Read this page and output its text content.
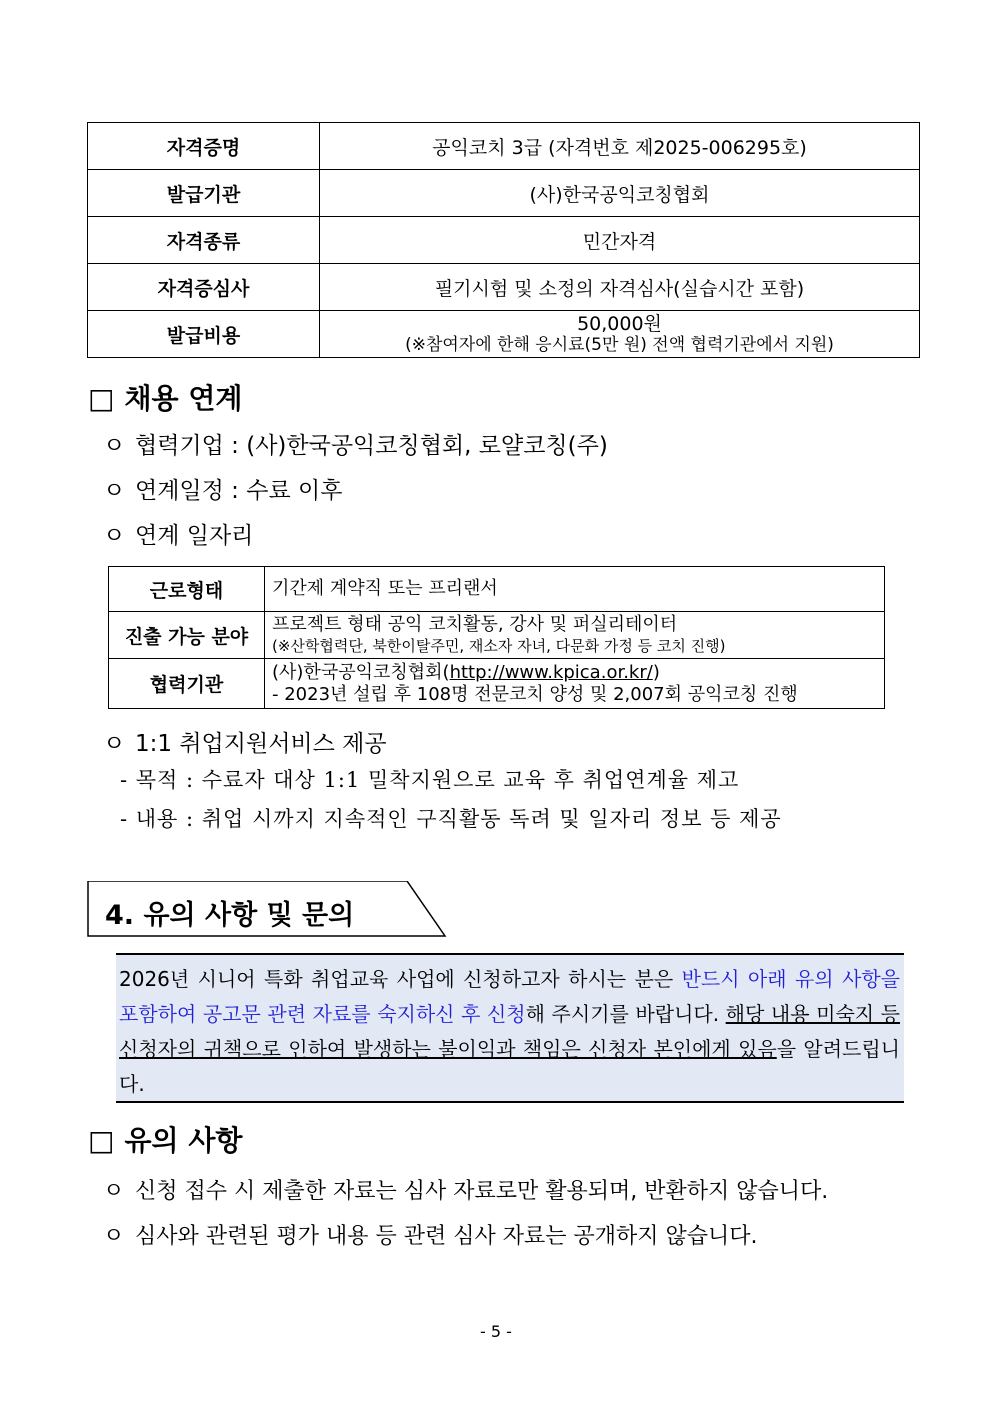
자격증명	공익코치 3급 (자격번호 제2025-006295호)
발급기관	(사)한국공익코칭협회
자격종류	민간자격
자격증심사	필기시험 및 소정의 자격심사(실습시간 포함)
발급비용	50,000원
(※참여자에 한해 응시료(5만 원) 전액 협력기관에서 지원)
□ 채용 연계
ㅇ 협력기업 : (사)한국공익코칭협회, 로얄코칭(주)
ㅇ 연계일정 : 수료 이후
ㅇ 연계 일자리
근로형태	기간제 계약직 또는 프리랜서
진출 가능 분야	프로젝트 형태 공익 코치활동, 강사 및 퍼실리테이터
(※산학협력단, 북한이탈주민, 재소자 자녀, 다문화 가정 등 코치 진행)

협력기관	(사)한국공익코칭협회(http://www.kpica.or.kr/)
- 2023년 설립 후 108명 전문코치 양성 및 2,007회 공익코칭 진행
ㅇ 1:1 취업지원서비스 제공
- 목적 : 수료자 대상 1:1 밀착지원으로 교육 후 취업연계율 제고
- 내용 : 취업 시까지 지속적인 구직활동 독려 및 일자리 정보 등 제공
4. 유의 사항 및 문의
2026년 시니어 특화 취업교육 사업에 신청하고자 하시는 분은 반드시 아래 유의 사항을 포함하여 공고문 관련 자료를 숙지하신 후 신청해 주시기를 바랍니다. 해당 내용 미숙지 등 신청자의 귀책으로 인하여 발생하는 불이익과 책임은 신청자 본인에게 있음을 알려드립니다.
□ 유의 사항
ㅇ 신청 접수 시 제출한 자료는 심사 자료로만 활용되며, 반환하지 않습니다.
ㅇ 심사와 관련된 평가 내용 등 관련 심사 자료는 공개하지 않습니다.
- 5 -
